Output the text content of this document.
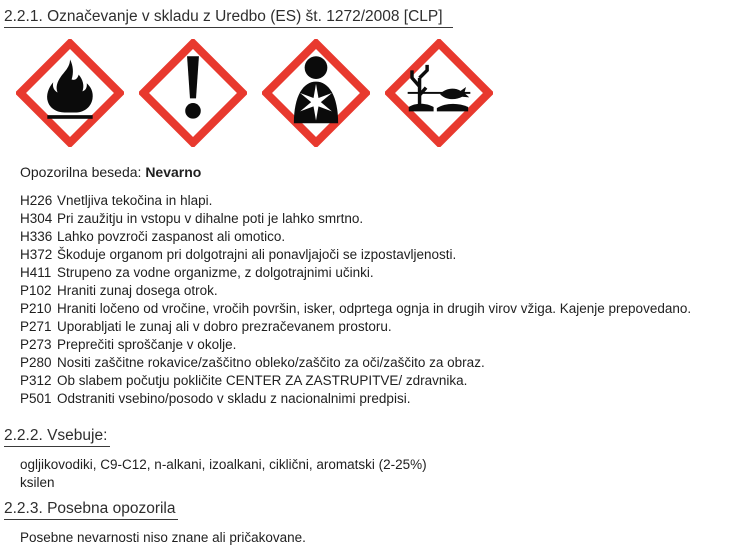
2.2.1. Označevanje v skladu z Uredbo (ES) št. 1272/2008 [CLP]
Opozorilna beseda: Nevarno
H226 Vnetljiva tekočina in hlapi.
H304 Pri zaužitju in vstopu v dihalne poti je lahko smrtno.
H336 Lahko povzroči zaspanost ali omotico.
H372 Škoduje organom pri dolgotrajni ali ponavljajoči se izpostavljenosti.
H411 Strupeno za vodne organizme, z dolgotrajnimi učinki.
P102 Hraniti zunaj dosega otrok.
P210 Hraniti ločeno od vročine, vročih površin, isker, odprtega ognja in drugih virov vžiga. Kajenje prepovedano.
P271 Uporabljati le zunaj ali v dobro prezračevanem prostoru.
P273 Preprečiti sproščanje v okolje.
P280 Nositi zaščitne rokavice/zaščitno obleko/zaščito za oči/zaščito za obraz.
P312 Ob slabem počutju pokličite CENTER ZA ZASTRUPITVE/ zdravnika.
P501 Odstraniti vsebino/posodo v skladu z nacionalnimi predpisi.
2.2.2. Vsebuje:
ogljikovodiki, C9-C12, n-alkani, izoalkani, ciklični, aromatski (2-25%)
ksilen
2.2.3. Posebna opozorila
Posebne nevarnosti niso znane ali pričakovane.
